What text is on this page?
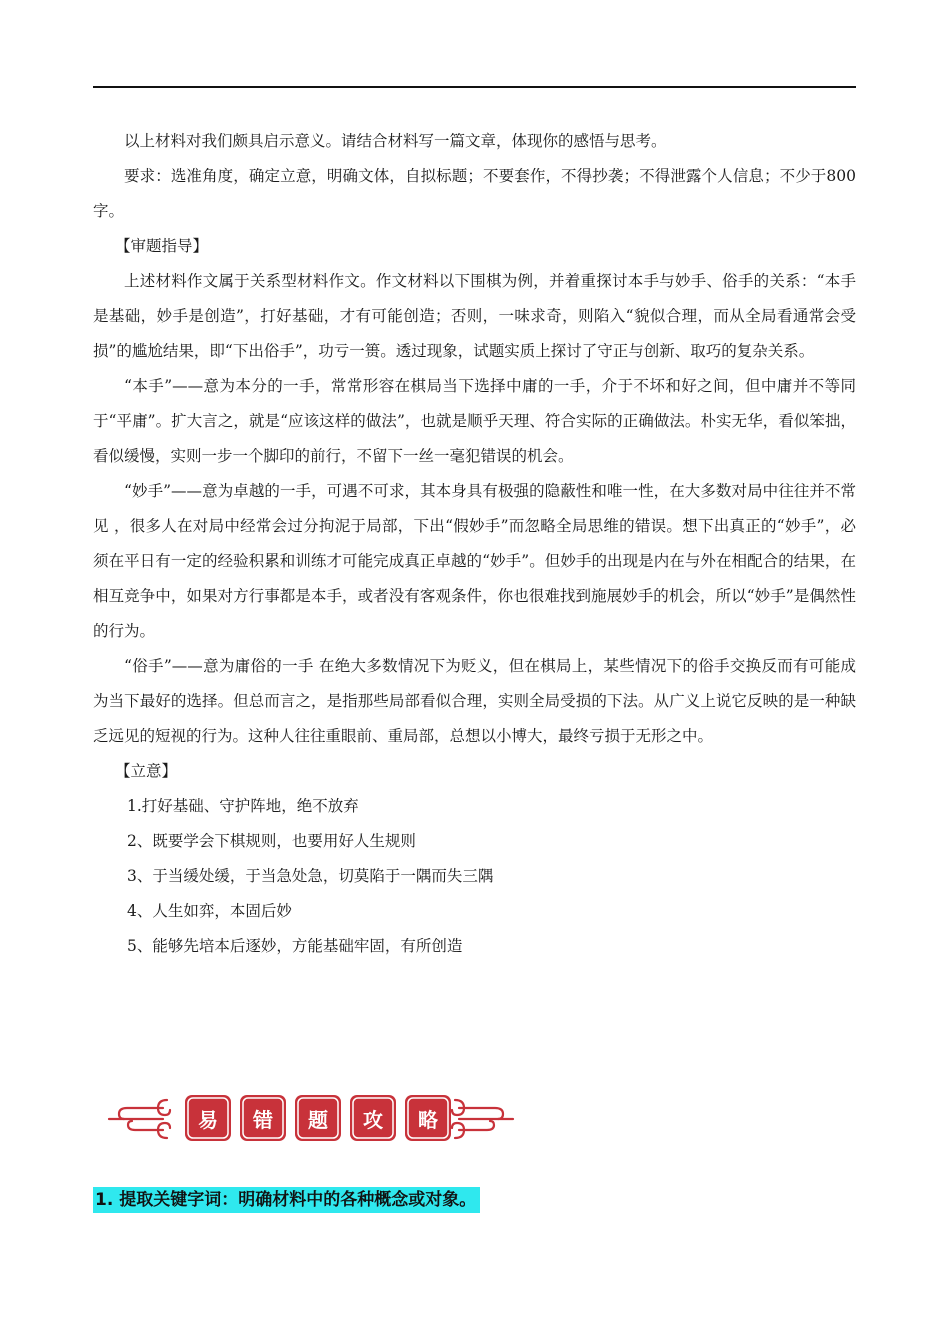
以上材料对我们颇具启示意义。请结合材料写一篇文章，体现你的感悟与思考。

要求：选准角度，确定立意，明确文体，自拟标题；不要套作，不得抄袭；不得泄露个人信息；不少于800字。

【审题指导】

上述材料作文属于关系型材料作文。作文材料以下围棋为例，并着重探讨本手与妙手、俗手的关系：“本手是基础，妙手是创造”，打好基础，才有可能创造；否则，一味求奇，则陷入“貌似合理，而从全局看通常会受损”的尴尬结果，即“下出俗手”，功亏一篑。透过现象，试题实质上探讨了守正与创新、取巧的复杂关系。

“本手”——意为本分的一手，常常形容在棋局当下选择中庸的一手，介于不坏和好之间，但中庸并不等同于“平庸”。扩大言之，就是“应该这样的做法”，也就是顺乎天理、符合实际的正确做法。朴实无华，看似笨拙，看似缓慢，实则一步一个脚印的前行，不留下一丝一毫犯错误的机会。

“妙手”——意为卓越的一手，可遇不可求，其本身具有极强的隐蔽性和唯一性，在大多数对局中往往并不常见 ，很多人在对局中经常会过分拘泥于局部，下出“假妙手”而忽略全局思维的错误。想下出真正的“妙手”，必须在平日有一定的经验积累和训练才可能完成真正卓越的“妙手”。但妙手的出现是内在与外在相配合的结果，在相互竞争中，如果对方行事都是本手，或者没有客观条件，你也很难找到施展妙手的机会，所以“妙手”是偶然性的行为。

“俗手”——意为庸俗的一手 在绝大多数情况下为贬义，但在棋局上，某些情况下的俗手交换反而有可能成为当下最好的选择。但总而言之，是指那些局部看似合理，实则全局受损的下法。从广义上说它反映的是一种缺乏远见的短视的行为。这种人往往重眼前、重局部，总想以小博大，最终亏损于无形之中。

【立意】

1.打好基础、守护阵地，绝不放弃

2、既要学会下棋规则，也要用好人生规则

3、于当缓处缓，于当急处急，切莫陷于一隅而失三隅

4、人生如弈，本固后妙

5、能够先培本后逐妙，方能基础牢固，有所创造

易	错	题	攻	略
1. 提取关键字词：明确材料中的各种概念或对象。
